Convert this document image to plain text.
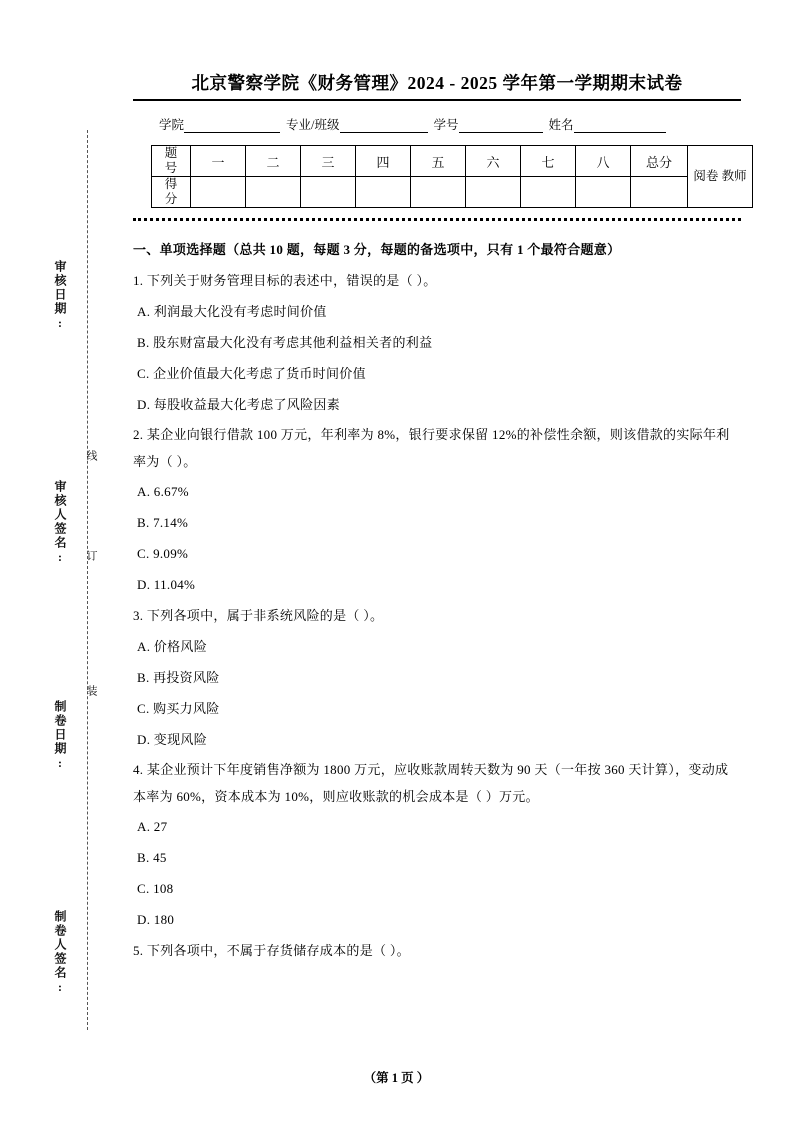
审核日期:
审核人签名:
制卷日期:
制卷人签名:
线
订
装
北京警察学院《财务管理》2024 - 2025 学年第一学期期末试卷
学院	专业/班级	学号	姓名
题
号	一	二	三	四	五	六	七	八	总分	阅卷 教师

得
分										

一、单项选择题（总共 10 题，每题 3 分，每题的备选项中，只有 1 个最符合题意）

1. 下列关于财务管理目标的表述中，错误的是（ ）。

A. 利润最大化没有考虑时间价值

B. 股东财富最大化没有考虑其他利益相关者的利益

C. 企业价值最大化考虑了货币时间价值

D. 每股收益最大化考虑了风险因素

2. 某企业向银行借款 100 万元，年利率为 8%，银行要求保留 12%的补偿性余额，则该借款的实际年利率为（ ）。

A. 6.67%

B. 7.14%

C. 9.09%

D. 11.04%

3. 下列各项中，属于非系统风险的是（ ）。

A. 价格风险

B. 再投资风险

C. 购买力风险

D. 变现风险

4. 某企业预计下年度销售净额为 1800 万元，应收账款周转天数为 90 天（一年按 360 天计算），变动成本率为 60%，资本成本为 10%，则应收账款的机会成本是（ ）万元。

A. 27

B. 45

C. 108

D. 180

5. 下列各项中，不属于存货储存成本的是（ ）。

（第 1 页 ）
